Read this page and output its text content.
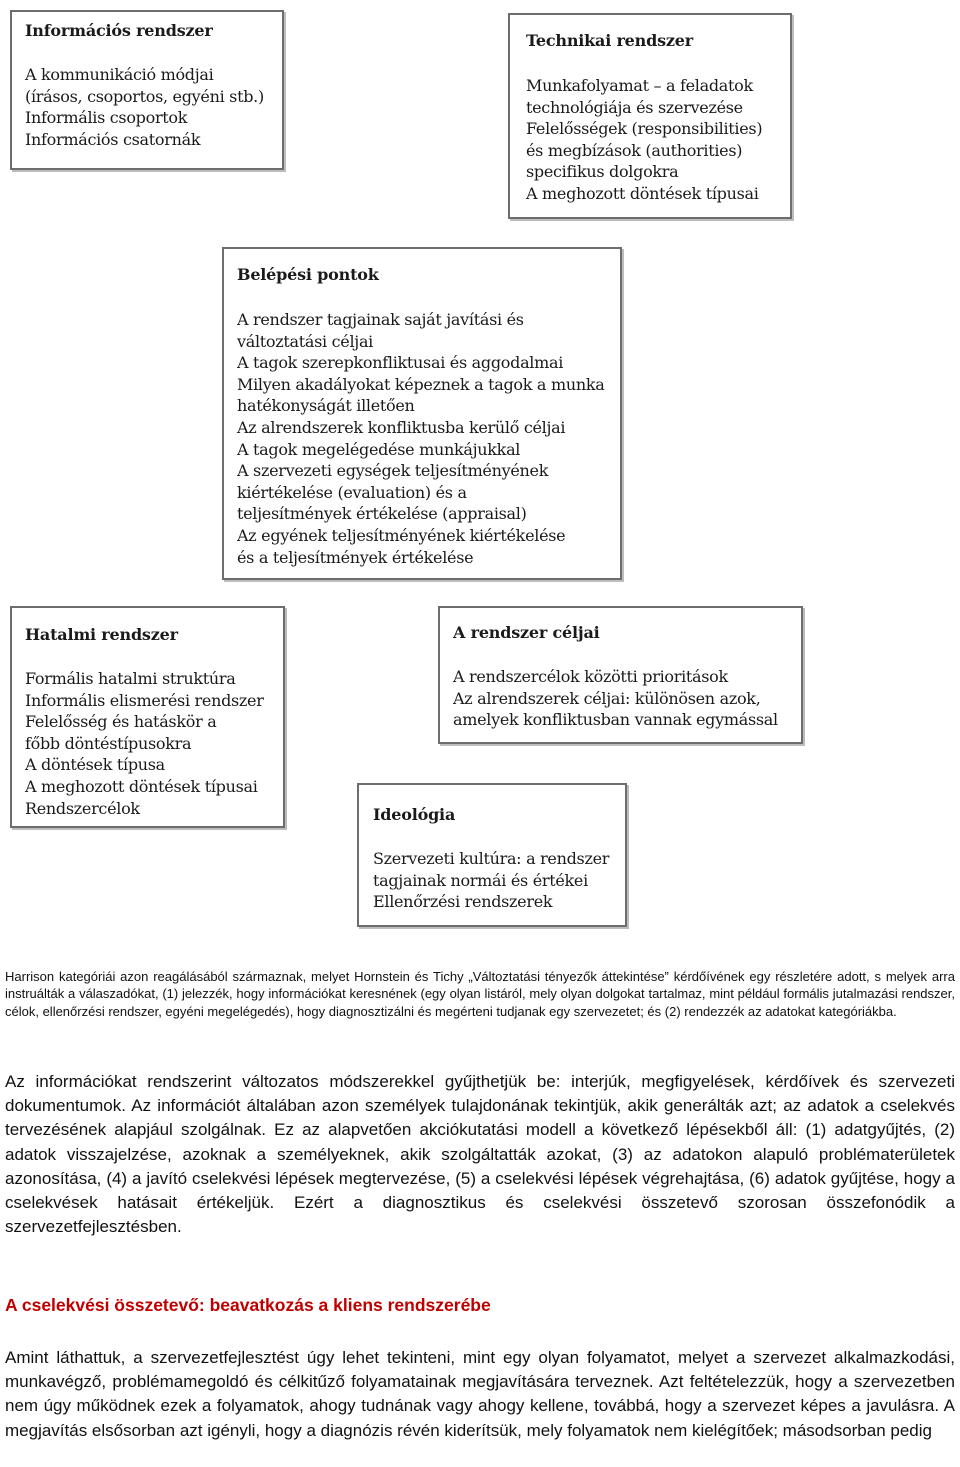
Információs rendszer
A kommunikáció módjai
(írásos, csoportos, egyéni stb.)
Informális csoportok
Információs csatornák
Technikai rendszer
Munkafolyamat – a feladatok
technológiája és szervezése
Felelősségek (responsibilities)
és megbízások (authorities)
specifikus dolgokra
A meghozott döntések típusai
Belépési pontok
A rendszer tagjainak saját javítási és
változtatási céljai
A tagok szerepkonfliktusai és aggodalmai
Milyen akadályokat képeznek a tagok a munka
hatékonyságát illetően
Az alrendszerek konfliktusba kerülő céljai
A tagok megelégedése munkájukkal
A szervezeti egységek teljesítményének
kiértékelése (evaluation) és a
teljesítmények értékelése (appraisal)
Az egyének teljesítményének kiértékelése
és a teljesítmények értékelése
Hatalmi rendszer
Formális hatalmi struktúra
Informális elismerési rendszer
Felelősség és hatáskör a
főbb döntéstípusokra
A döntések típusa
A meghozott döntések típusai
Rendszercélok
A rendszer céljai
A rendszercélok közötti prioritások
Az alrendszerek céljai: különösen azok,
amelyek konfliktusban vannak egymással
Ideológia
Szervezeti kultúra: a rendszer
tagjainak normái és értékei
Ellenőrzési rendszerek

Harrison kategóriái azon reagálásából származnak, melyet Hornstein és Tichy „Változtatási tényezők áttekintése” kérdőívének egy részletére adott, s melyek arra instruálták a válaszadókat, (1) jelezzék, hogy információkat keresnének (egy olyan listáról, mely olyan dolgokat tartalmaz, mint például formális jutalmazási rendszer, célok, ellenőrzési rendszer, egyéni megelégedés), hogy diagnosztizálni és megérteni tudjanak egy szervezetet; és (2) rendezzék az adatokat kategóriákba.

Az információkat rendszerint változatos módszerekkel gyűjthetjük be: interjúk, megfigyelések, kérdőívek és szervezeti dokumentumok. Az információt általában azon személyek tulajdonának tekintjük, akik generálták azt; az adatok a cselekvés tervezésének alapjául szolgálnak. Ez az alapvetően akciókutatási modell a következő lépésekből áll: (1) adatgyűjtés, (2) adatok visszajelzése, azoknak a személyeknek, akik szolgáltatták azokat, (3) az adatokon alapuló problématerületek azonosítása, (4) a javító cselekvési lépések megtervezése, (5) a cselekvési lépések végrehajtása, (6) adatok gyűjtése, hogy a cselekvések hatásait értékeljük. Ezért a diagnosztikus és cselekvési összetevő szorosan összefonódik a szervezetfejlesztésben.

A cselekvési összetevő: beavatkozás a kliens rendszerébe

Amint láthattuk, a szervezetfejlesztést úgy lehet tekinteni, mint egy olyan folyamatot, melyet a szervezet alkalmazkodási, munkavégző, problémamegoldó és célkitűző folyamatainak megjavítására terveznek. Azt feltételezzük, hogy a szervezetben nem úgy működnek ezek a folyamatok, ahogy tudnának vagy ahogy kellene, továbbá, hogy a szervezet képes a javulásra. A megjavítás elsősorban azt igényli, hogy a diagnózis révén kiderítsük, mely folyamatok nem kielégítőek; másodsorban pedig
